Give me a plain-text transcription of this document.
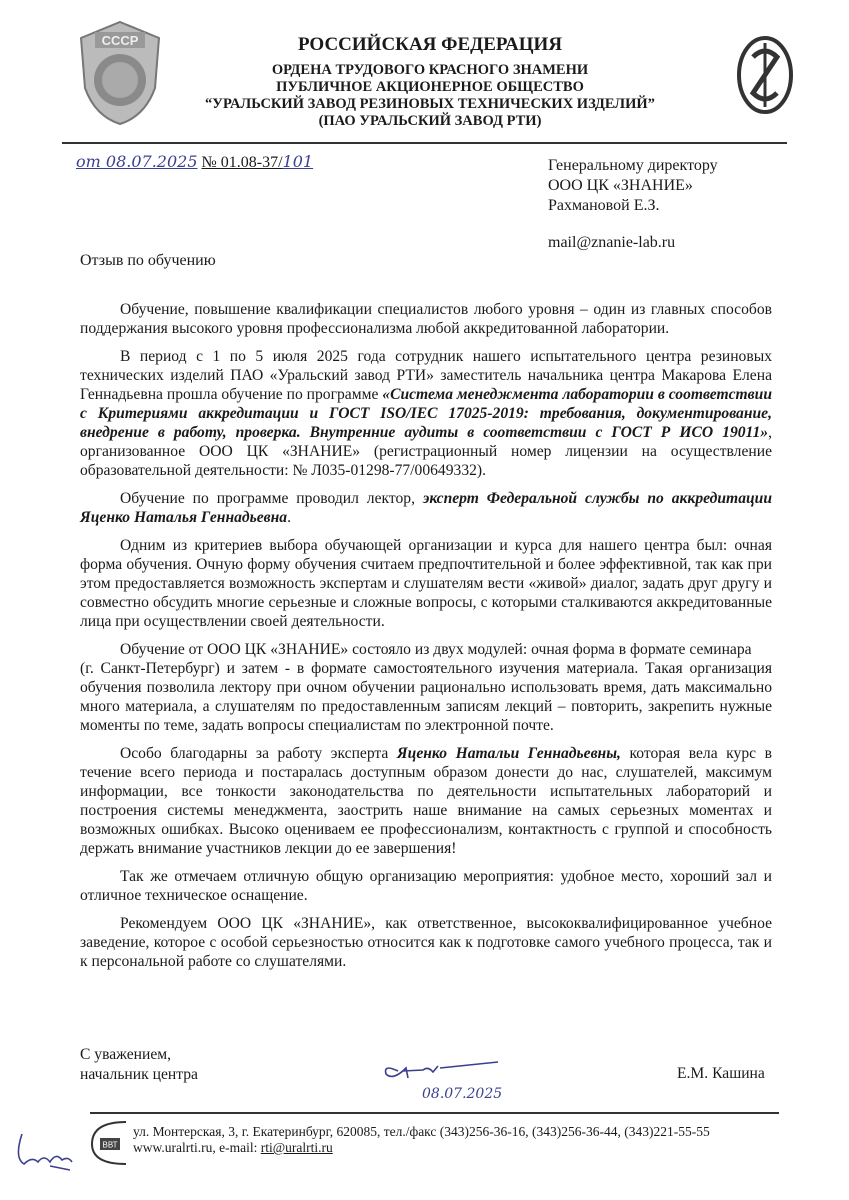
СССР	РОССИЙСКАЯ ФЕДЕРАЦИЯ
ОРДЕНА ТРУДОВОГО КРАСНОГО ЗНАМЕНИ
ПУБЛИЧНОЕ АКЦИОНЕРНОЕ ОБЩЕСТВО
“УРАЛЬСКИЙ ЗАВОД РЕЗИНОВЫХ ТЕХНИЧЕСКИХ ИЗДЕЛИЙ”
(ПАО УРАЛЬСКИЙ ЗАВОД РТИ)
от 08.07.2025 № 01.08-37/101	Генеральному директору
ООО ЦК «ЗНАНИЕ»
Рахмановой Е.З.
mail@znanie-lab.ru
Отзыв по обучению

Обучение, повышение квалификации специалистов любого уровня – один из главных способов поддержания высокого уровня профессионализма любой аккредитованной лаборатории.

В период с 1 по 5 июля 2025 года сотрудник нашего испытательного центра резиновых технических изделий ПАО «Уральский завод РТИ» заместитель начальника центра Макарова Елена Геннадьевна прошла обучение по программе «Система менеджмента лаборатории в соответствии с Критериями аккредитации и ГОСТ ISO/IEC 17025-2019: требования, документирование, внедрение в работу, проверка. Внутренние аудиты в соответствии с ГОСТ Р ИСО 19011», организованное ООО ЦК «ЗНАНИЕ» (регистрационный номер лицензии на осуществление образовательной деятельности: № Л035-01298-77/00649332).

Обучение по программе проводил лектор, эксперт Федеральной службы по аккредитации Яценко Наталья Геннадьевна.

Одним из критериев выбора обучающей организации и курса для нашего центра был: очная форма обучения. Очную форму обучения считаем предпочтительной и более эффективной, так как при этом предоставляется возможность экспертам и слушателям вести «живой» диалог, задать друг другу и совместно обсудить многие серьезные и сложные вопросы, с которыми сталкиваются аккредитованные лица при осуществлении своей деятельности.

Обучение от ООО ЦК «ЗНАНИЕ» состояло из двух модулей: очная форма в формате семинара

(г. Санкт-Петербург) и затем - в формате самостоятельного изучения материала. Такая организация обучения позволила лектору при очном обучении рационально использовать время, дать максимально много материала, а слушателям по предоставленным записям лекций – повторить, закрепить нужные моменты по теме, задать вопросы специалистам по электронной почте.

Особо благодарны за работу эксперта Яценко Натальи Геннадьевны, которая вела курс в течение всего периода и постаралась доступным образом донести до нас, слушателей, максимум информации, все тонкости законодательства по деятельности испытательных лабораторий и построения системы менеджмента, заострить наше внимание на самых серьезных моментах и возможных ошибках. Высоко оцениваем ее профессионализм, контактность с группой и способность держать внимание участников лекции до ее завершения!

Так же отмечаем отличную общую организацию мероприятия: удобное место, хороший зал и отличное техническое оснащение.

Рекомендуем ООО ЦК «ЗНАНИЕ», как ответственное, высококвалифицированное учебное заведение, которое с особой серьезностью относится как к подготовке самого учебного процесса, так и к персональной работе со слушателями.

С уважением,
начальник центра
08.07.2025
Е.М. Кашина
ВВТ
ул. Монтерская, 3, г. Екатеринбург, 620085, тел./факс (343)256-36-16, (343)256-36-44, (343)221-55-55
www.uralrti.ru, e-mail: rti@uralrti.ru
